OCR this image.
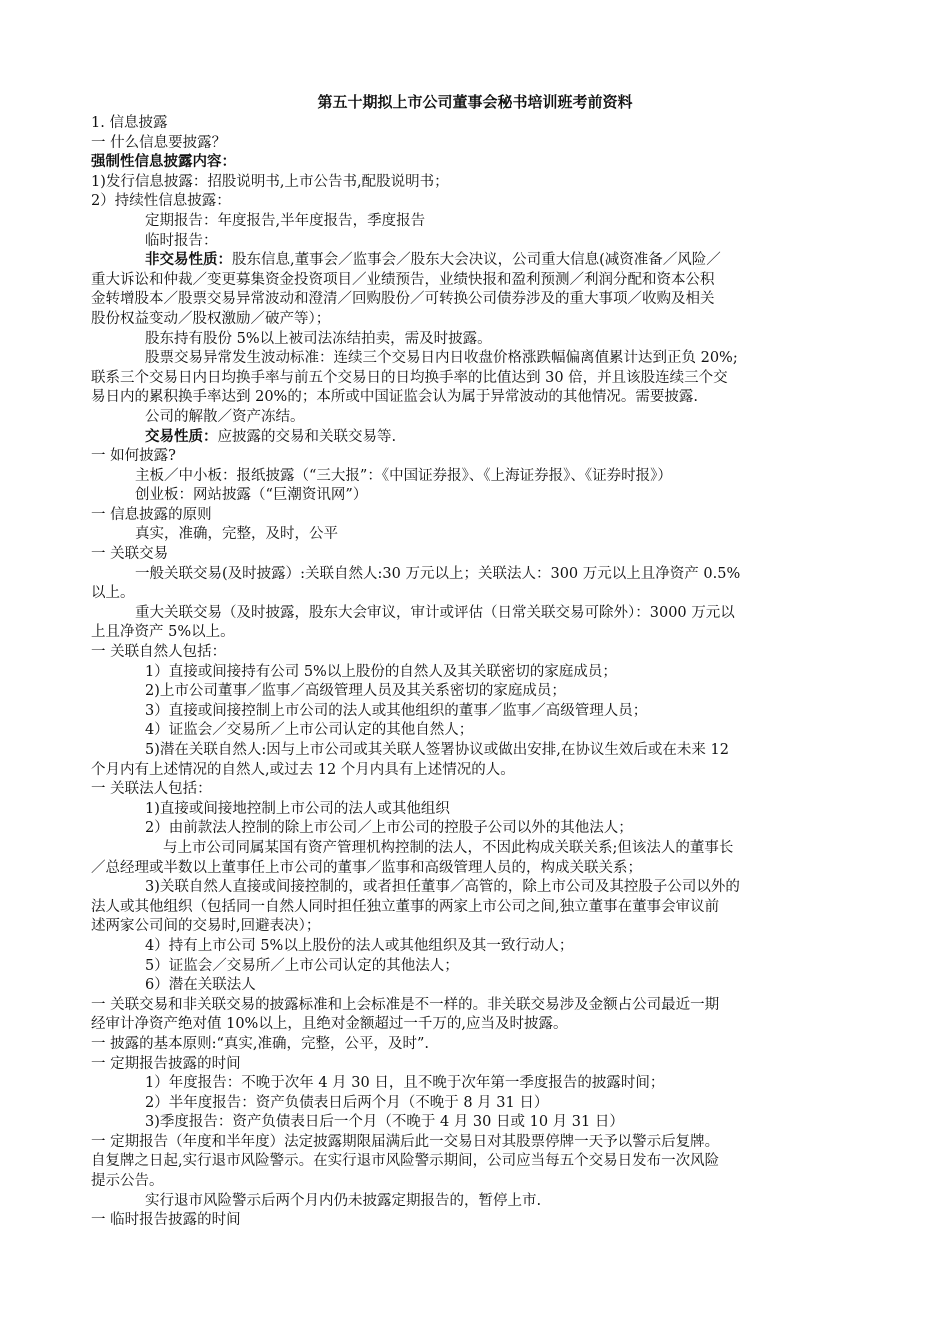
第五十期拟上市公司董事会秘书培训班考前资料
1. 信息披露
一 什么信息要披露？
强制性信息披露内容：
1)发行信息披露：招股说明书,上市公告书,配股说明书；
2）持续性信息披露：
定期报告：年度报告,半年度报告，季度报告
临时报告：
非交易性质：股东信息,董事会／监事会／股东大会决议，公司重大信息(减资准备／风险／
重大诉讼和仲裁／变更募集资金投资项目／业绩预告，业绩快报和盈利预测／利润分配和资本公积
金转增股本／股票交易异常波动和澄清／回购股份／可转换公司债券涉及的重大事项／收购及相关
股份权益变动／股权激励／破产等）；
股东持有股份 5%以上被司法冻结拍卖，需及时披露。
股票交易异常发生波动标准：连续三个交易日内日收盘价格涨跌幅偏离值累计达到正负 20%;
联系三个交易日内日均换手率与前五个交易日的日均换手率的比值达到 30 倍，并且该股连续三个交
易日内的累积换手率达到 20%的；本所或中国证监会认为属于异常波动的其他情况。需要披露.
公司的解散／资产冻结。
交易性质：应披露的交易和关联交易等.
一 如何披露?
主板／中小板：报纸披露（“三大报”：《中国证券报》、《上海证券报》、《证券时报》）
创业板：网站披露（“巨潮资讯网”）
一 信息披露的原则
真实，准确，完整，及时，公平
一 关联交易
一般关联交易(及时披露）:关联自然人:30 万元以上；关联法人：300 万元以上且净资产 0.5%
以上。
重大关联交易（及时披露，股东大会审议，审计或评估（日常关联交易可除外）：3000 万元以
上且净资产 5%以上。
一 关联自然人包括：
1）直接或间接持有公司 5%以上股份的自然人及其关联密切的家庭成员；
2)上市公司董事／监事／高级管理人员及其关系密切的家庭成员；
3）直接或间接控制上市公司的法人或其他组织的董事／监事／高级管理人员；
4）证监会／交易所／上市公司认定的其他自然人；
5)潜在关联自然人:因与上市公司或其关联人签署协议或做出安排,在协议生效后或在未来 12
个月内有上述情况的自然人,或过去 12 个月内具有上述情况的人。
一 关联法人包括：
1)直接或间接地控制上市公司的法人或其他组织
2）由前款法人控制的除上市公司／上市公司的控股子公司以外的其他法人；
与上市公司同属某国有资产管理机构控制的法人，不因此构成关联关系;但该法人的董事长
／总经理或半数以上董事任上市公司的董事／监事和高级管理人员的，构成关联关系；
3)关联自然人直接或间接控制的，或者担任董事／高管的，除上市公司及其控股子公司以外的
法人或其他组织（包括同一自然人同时担任独立董事的两家上市公司之间,独立董事在董事会审议前
述两家公司间的交易时,回避表决）；
4）持有上市公司 5%以上股份的法人或其他组织及其一致行动人；
5）证监会／交易所／上市公司认定的其他法人；
6）潜在关联法人
一 关联交易和非关联交易的披露标准和上会标准是不一样的。非关联交易涉及金额占公司最近一期
经审计净资产绝对值 10%以上，且绝对金额超过一千万的,应当及时披露。
一 披露的基本原则:“真实,准确，完整，公平，及时”.
一 定期报告披露的时间
1）年度报告：不晚于次年 4 月 30 日，且不晚于次年第一季度报告的披露时间；
2）半年度报告：资产负债表日后两个月（不晚于 8 月 31 日）
3)季度报告：资产负债表日后一个月（不晚于 4 月 30 日或 10 月 31 日）
一 定期报告（年度和半年度）法定披露期限届满后此一交易日对其股票停牌一天予以警示后复牌。
自复牌之日起,实行退市风险警示。在实行退市风险警示期间，公司应当每五个交易日发布一次风险
提示公告。
实行退市风险警示后两个月内仍未披露定期报告的，暂停上市.
一 临时报告披露的时间
